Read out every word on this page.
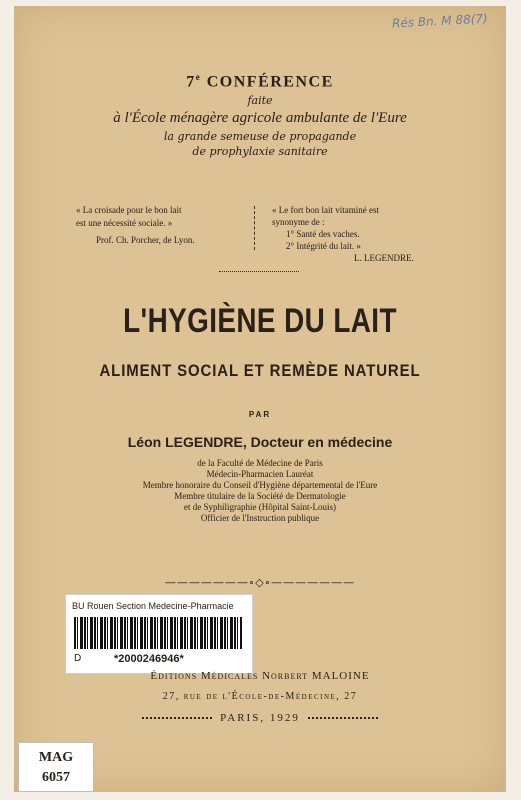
Rés Bn. M 88(7)
7e CONFÉRENCE
faite
à l'École ménagère agricole ambulante de l'Eure
la grande semeuse de propagande
de prophylaxie sanitaire
« La croisade pour le bon lait
est une nécessité sociale. »
Prof. Ch. Porcher, de Lyon.
« Le fort bon lait vitaminé est
synonyme de :
1° Santé des vaches.
2° Intégrité du lait. »
L. LEGENDRE.
L'HYGIÈNE DU LAIT
ALIMENT SOCIAL ET REMÈDE NATUREL
PAR
Léon LEGENDRE, Docteur en médecine
de la Faculté de Médecine de Paris
Médecin-Pharmacien Lauréat
Membre honoraire du Conseil d'Hygiène départemental de l'Eure
Membre titulaire de la Société de Dermatologie
et de Syphiligraphie (Hôpital Saint-Louis)
Officier de l'Instruction publique
———————∘◇∘———————
BU Rouen Section Medecine-Pharmacie
D	*2000246946*
Éditions Médicales Norbert MALOINE
27, rue de l'École-de-Médecine, 27
PARIS, 1929
MAG
6057
